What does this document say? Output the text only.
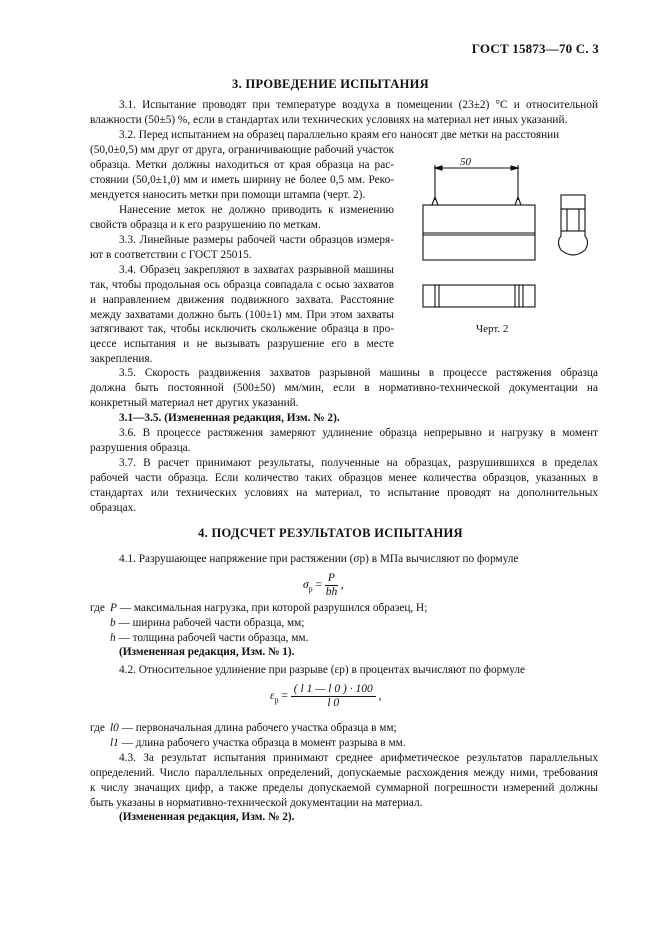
ГОСТ 15873—70 С. 3
3. ПРОВЕДЕНИЕ ИСПЫТАНИЯ
3.1. Испытание проводят при температуре воздуха в помещении (23±2) °С и относительной
влажности (50±5) %, если в стандартах или технических условиях на материал нет иных указаний.
3.2. Перед испытанием на образец параллельно краям его наносят две метки на расстоянии
(50,0±0,5) мм друг от друга, ограничивающие рабочий участок
образца. Метки должны находиться от края образца на рас-
стоянии (50,0±1,0) мм и иметь ширину не более 0,5 мм. Реко-
мендуется наносить метки при помощи штампа (черт. 2).
Нанесение меток не должно приводить к изменению
свойств образца и к его разрушению по меткам.
3.3. Линейные размеры рабочей части образцов измеря-
ют в соответствии с ГОСТ 25015.
3.4. Образец закрепляют в захватах разрывной машины
так, чтобы продольная ось образца совпадала с осью захватов
и направлением движения подвижного захвата. Расстояние
между захватами должно быть (100±1) мм. При этом захваты
затягивают так, чтобы исключить скольжение образца в про-
цессе испытания и не вызывать разрушение его в месте
закрепления.
50
Черт. 2
3.5. Скорость раздвижения захватов разрывной машины в процессе растяжения образца
должна быть постоянной (500±50) мм/мин, если в нормативно-технической документации на
конкретный материал нет других указаний.
3.1—3.5. (Измененная редакция, Изм. № 2).
3.6. В процессе растяжения замеряют удлинение образца непрерывно и нагрузку в момент
разрушения образца.
3.7. В расчет принимают результаты, полученные на образцах, разрушившихся в пределах
рабочей части образца. Если количество таких образцов менее количества образцов, указанных в
стандартах или технических условиях на материал, то испытание проводят на дополнительных
образцах.
4. ПОДСЧЕТ РЕЗУЛЬТАТОВ ИСПЫТАНИЯ
4.1. Разрушающее напряжение при растяжении (σp) в МПа вычисляют по формуле
$\sigma_р = \frac{P}{bh}$ ,
где P — максимальная нагрузка, при которой разрушился образец, Н;
b — ширина рабочей части образца, мм;
h — толщина рабочей части образца, мм.
(Измененная редакция, Изм. № 1).
4.2. Относительное удлинение при разрыве (εp) в процентах вычисляют по формуле
$\varepsilon_р = \frac{( l 1 — l 0 ) \cdot 100}{l 0}$ ,
где l0 — первоначальная длина рабочего участка образца в мм;
l1 — длина рабочего участка образца в момент разрыва в мм.
4.3. За результат испытания принимают среднее арифметическое результатов параллельных
определений. Число параллельных определений, допускаемые расхождения между ними, требования
к числу значащих цифр, а также пределы допускаемой суммарной погрешности измерений должны
быть указаны в нормативно-технической документации на материал.
(Измененная редакция, Изм. № 2).
